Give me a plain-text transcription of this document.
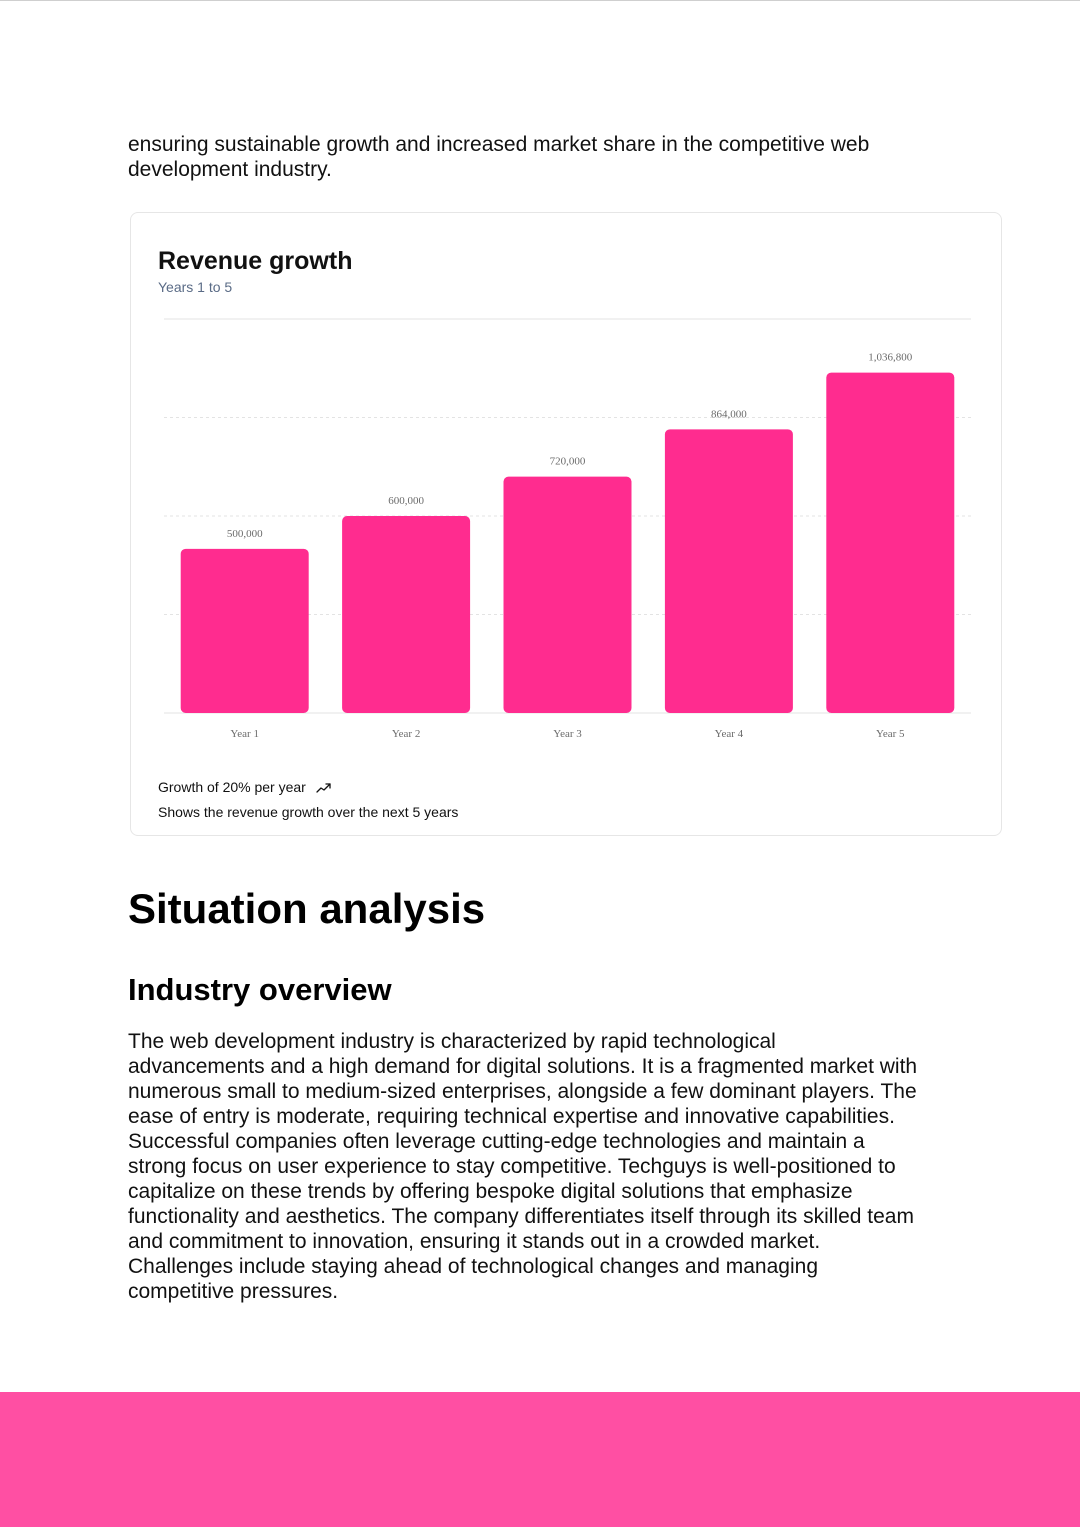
ensuring sustainable growth and increased market share in the competitive web
development industry.

Revenue growth
Years 1 to 5
500,000
Year 1
600,000
Year 2
720,000
Year 3
864,000
Year 4
1,036,800
Year 5
Growth of 20% per year
Shows the revenue growth over the next 5 years
Situation analysis
Industry overview

The web development industry is characterized by rapid technological
advancements and a high demand for digital solutions. It is a fragmented market with
numerous small to medium-sized enterprises, alongside a few dominant players. The
ease of entry is moderate, requiring technical expertise and innovative capabilities.
Successful companies often leverage cutting-edge technologies and maintain a
strong focus on user experience to stay competitive. Techguys is well-positioned to
capitalize on these trends by offering bespoke digital solutions that emphasize
functionality and aesthetics. The company differentiates itself through its skilled team
and commitment to innovation, ensuring it stands out in a crowded market.
Challenges include staying ahead of technological changes and managing
competitive pressures.
